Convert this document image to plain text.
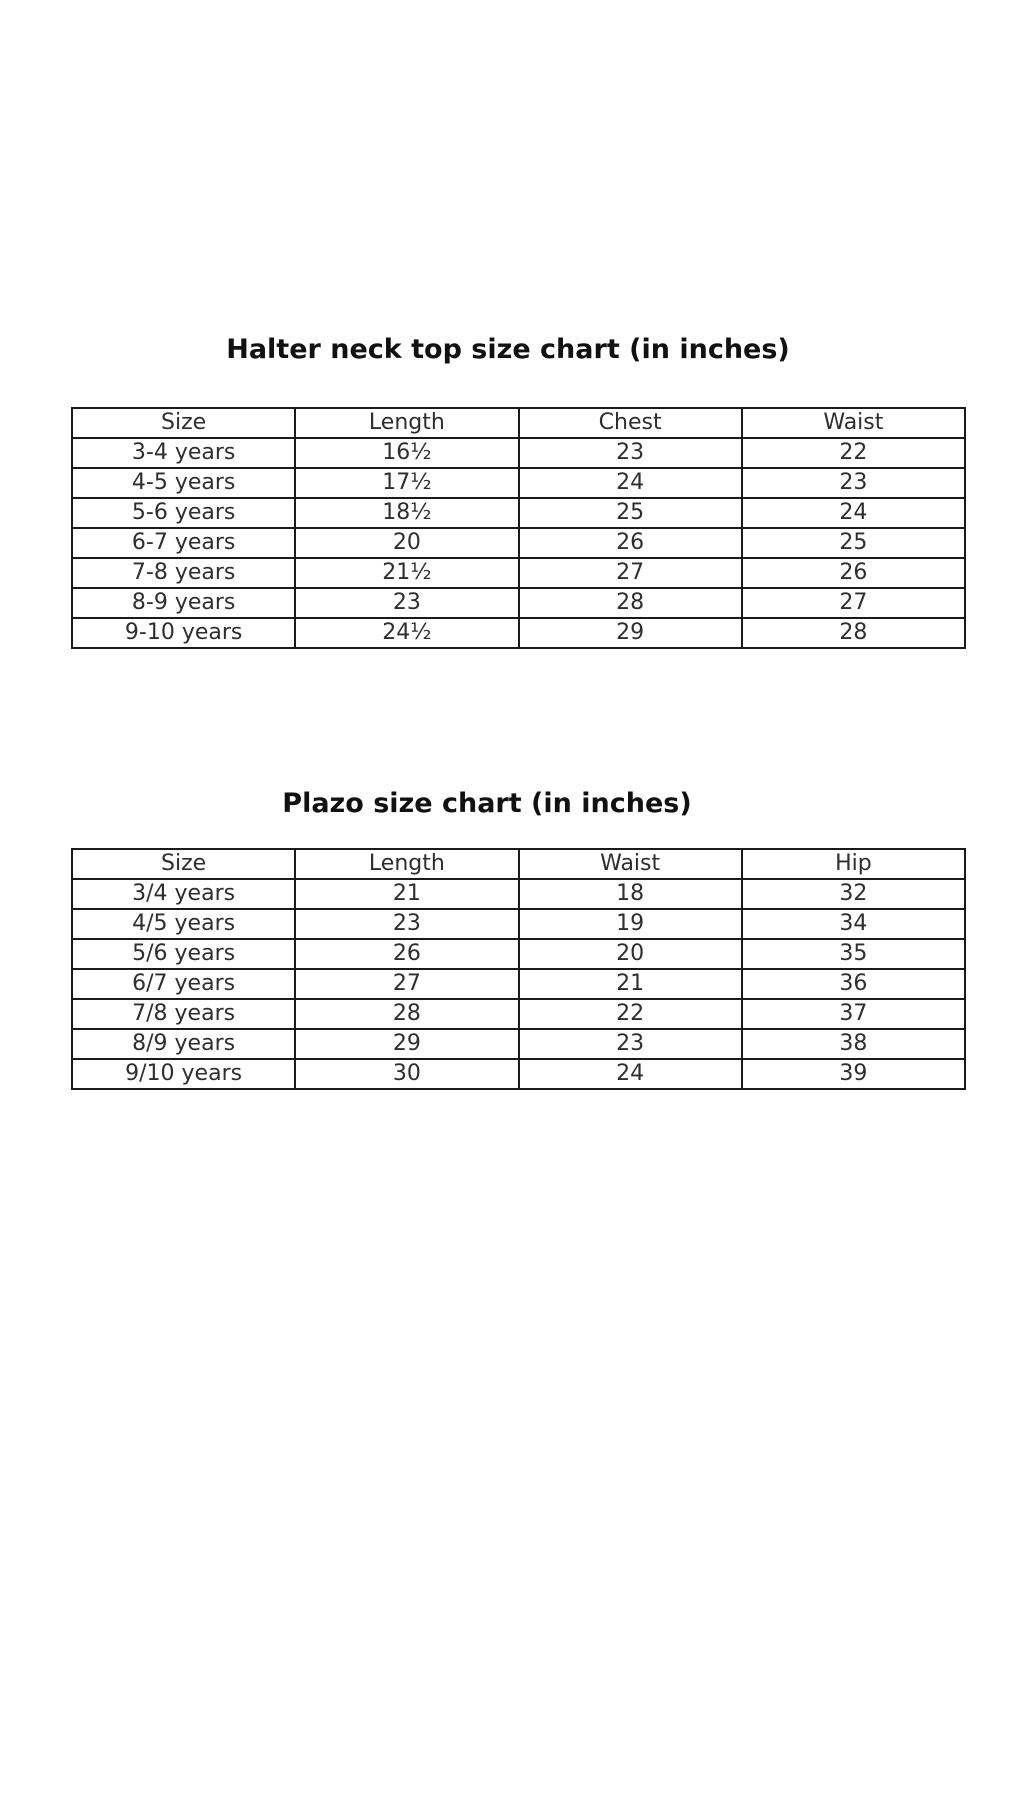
Halter neck top size chart (in inches)
Size	Length	Chest	Waist
3-4 years	16½	23	22
4-5 years	17½	24	23
5-6 years	18½	25	24
6-7 years	20	26	25
7-8 years	21½	27	26
8-9 years	23	28	27
9-10 years	24½	29	28
Plazo size chart (in inches)
Size	Length	Waist	Hip
3/4 years	21	18	32
4/5 years	23	19	34
5/6 years	26	20	35
6/7 years	27	21	36
7/8 years	28	22	37
8/9 years	29	23	38
9/10 years	30	24	39
